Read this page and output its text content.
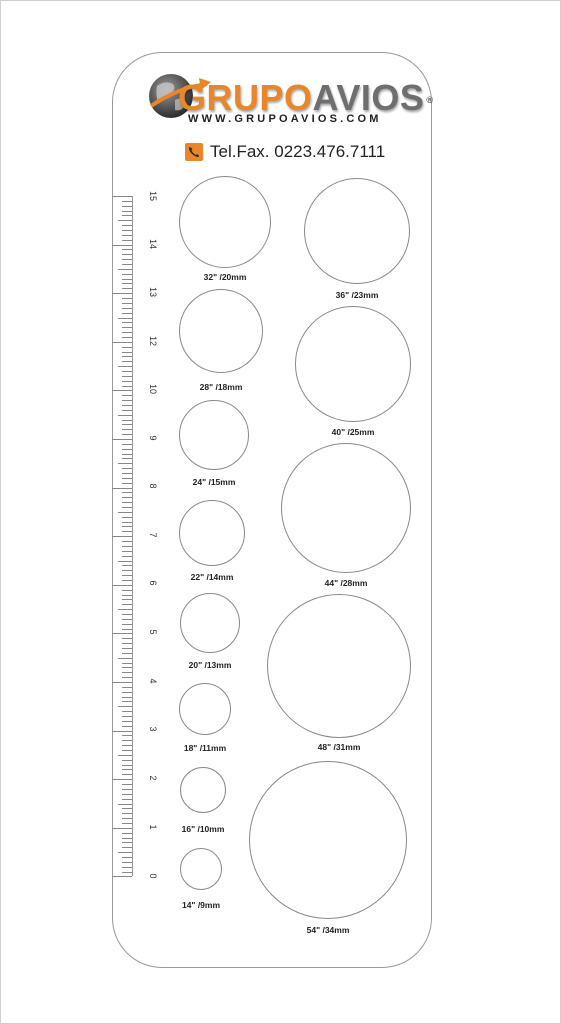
GRUPOAVIOS ®
WWW.GRUPOAVIOS.COM
Tel.Fax. 0223.476.7111
15
14
13
12
10
9
8
7
6
5
4
3
2
1
0
32" /20mm
28" /18mm
24" /15mm
22" /14mm
20" /13mm
18" /11mm
16" /10mm
14" /9mm
36" /23mm
40" /25mm
44" /28mm
48" /31mm
54" /34mm
